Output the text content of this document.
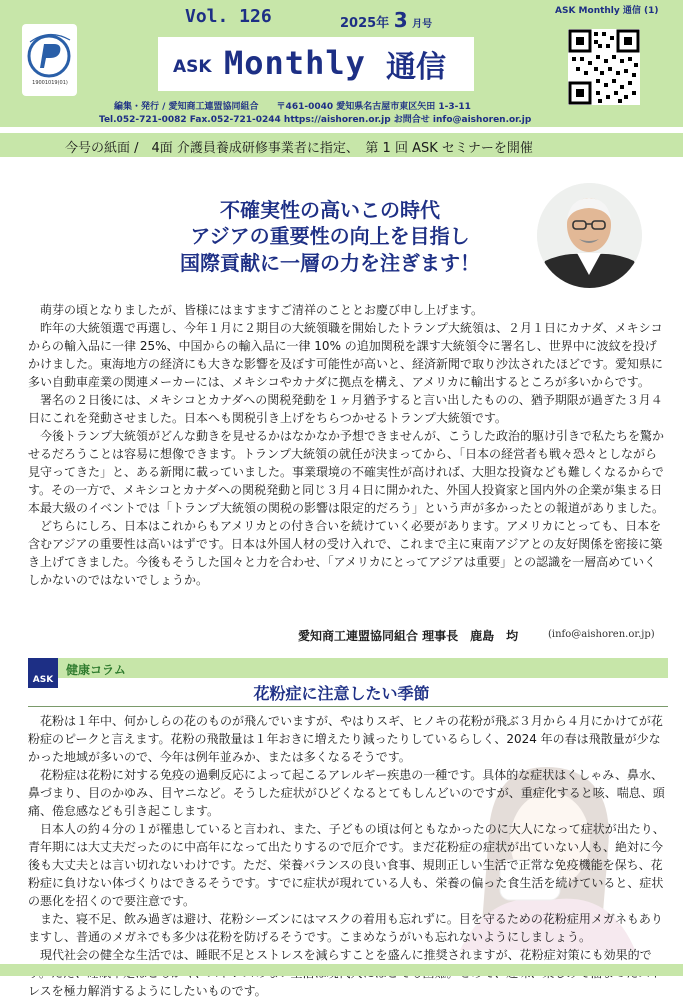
19001019(01)
ASK Monthly 通信 (1)
Vol. 126	2025年 3 月号
ASK Monthly 通信
編集・発行 / 愛知商工連盟協同組合　　〒461-0040 愛知県名古屋市東区矢田 1-3-11
Tel.052-721-0082 Fax.052-721-0244 https://aishoren.or.jp お問合せ info@aishoren.or.jp
今号の紙面 /　4面 介護員養成研修事業者に指定、　第 1 回 ASK セミナーを開催
不確実性の高いこの時代
アジアの重要性の向上を目指し
国際貢献に一層の力を注ぎます！

萌芽の頃となりましたが、皆様にはますますご清祥のこととお慶び申し上げます。

昨年の大統領選で再選し、今年１月に２期目の大統領職を開始したトランプ大統領は、２月１日にカナダ、メキシコからの輸入品に一律 25%、中国からの輸入品に一律 10% の追加関税を課す大統領令に署名し、世界中に波紋を投げかけました。東海地方の経済にも大きな影響を及ぼす可能性が高いと、経済新聞で取り沙汰されたほどです。愛知県に多い自動車産業の関連メーカーには、メキシコやカナダに拠点を構え、アメリカに輸出するところが多いからです。

署名の２日後には、メキシコとカナダへの関税発動を１ヶ月猶予すると言い出したものの、猶予期限が過ぎた３月４日にこれを発動させました。日本へも関税引き上げをちらつかせるトランプ大統領です。

今後トランプ大統領がどんな動きを見せるかはなかなか予想できませんが、こうした政治的駆け引きで私たちを驚かせるだろうことは容易に想像できます。トランプ大統領の就任が決まってから、「日本の経営者も戦々恐々としながら見守ってきた」と、ある新聞に載っていました。事業環境の不確実性が高ければ、大胆な投資なども難しくなるからです。その一方で、メキシコとカナダへの関税発動と同じ３月４日に開かれた、外国人投資家と国内外の企業が集まる日本最大級のイベントでは「トランプ大統領の関税の影響は限定的だろう」という声が多かったとの報道がありました。

どちらにしろ、日本はこれからもアメリカとの付き合いを続けていく必要があります。アメリカにとっても、日本を含むアジアの重要性は高いはずです。日本は外国人材の受け入れで、これまで主に東南アジアとの友好関係を密接に築き上げてきました。今後もそうした国々と力を合わせ、「アメリカにとってアジアは重要」との認識を一層高めていくしかないのではないでしょうか。

愛知商工連盟協同組合 理事長　鹿島　均	(info@aishoren.or.jp)
ASK
健康コラム
花粉症に注意したい季節

花粉は１年中、何かしらの花のものが飛んでいますが、やはりスギ、ヒノキの花粉が飛ぶ３月から４月にかけてが花粉症のピークと言えます。花粉の飛散量は１年おきに増えたり減ったりしているらしく、2024 年の春は飛散量が少なかった地域が多いので、今年は例年並みか、または多くなるそうです。

花粉症は花粉に対する免疫の過剰反応によって起こるアレルギー疾患の一種です。具体的な症状はくしゃみ、鼻水、鼻づまり、目のかゆみ、目ヤニなど。そうした症状がひどくなるとてもしんどいのですが、重症化すると咳、喘息、頭痛、倦怠感なども引き起こします。

日本人の約４分の１が罹患していると言われ、また、子どもの頃は何ともなかったのに大人になって症状が出たり、青年期には大丈夫だったのに中高年になって出たりするので厄介です。まだ花粉症の症状が出ていない人も、絶対に今後も大丈夫とは言い切れないわけです。ただ、栄養バランスの良い食事、規則正しい生活で正常な免疫機能を保ち、花粉症に負けない体づくりはできるそうです。すでに症状が現れている人も、栄養の偏った食生活を続けていると、症状の悪化を招くので要注意です。

また、寝不足、飲み過ぎは避け、花粉シーズンにはマスクの着用も忘れずに。目を守るための花粉症用メガネもありますし、普通のメガネでも多少は花粉を防げるそうです。こまめなうがいも忘れないようにしましょう。

現代社会の健全な生活では、睡眠不足とストレスを減らすことを盛んに推奨されますが、花粉症対策にも効果的で レスを極力解消するようにしたいものです。
